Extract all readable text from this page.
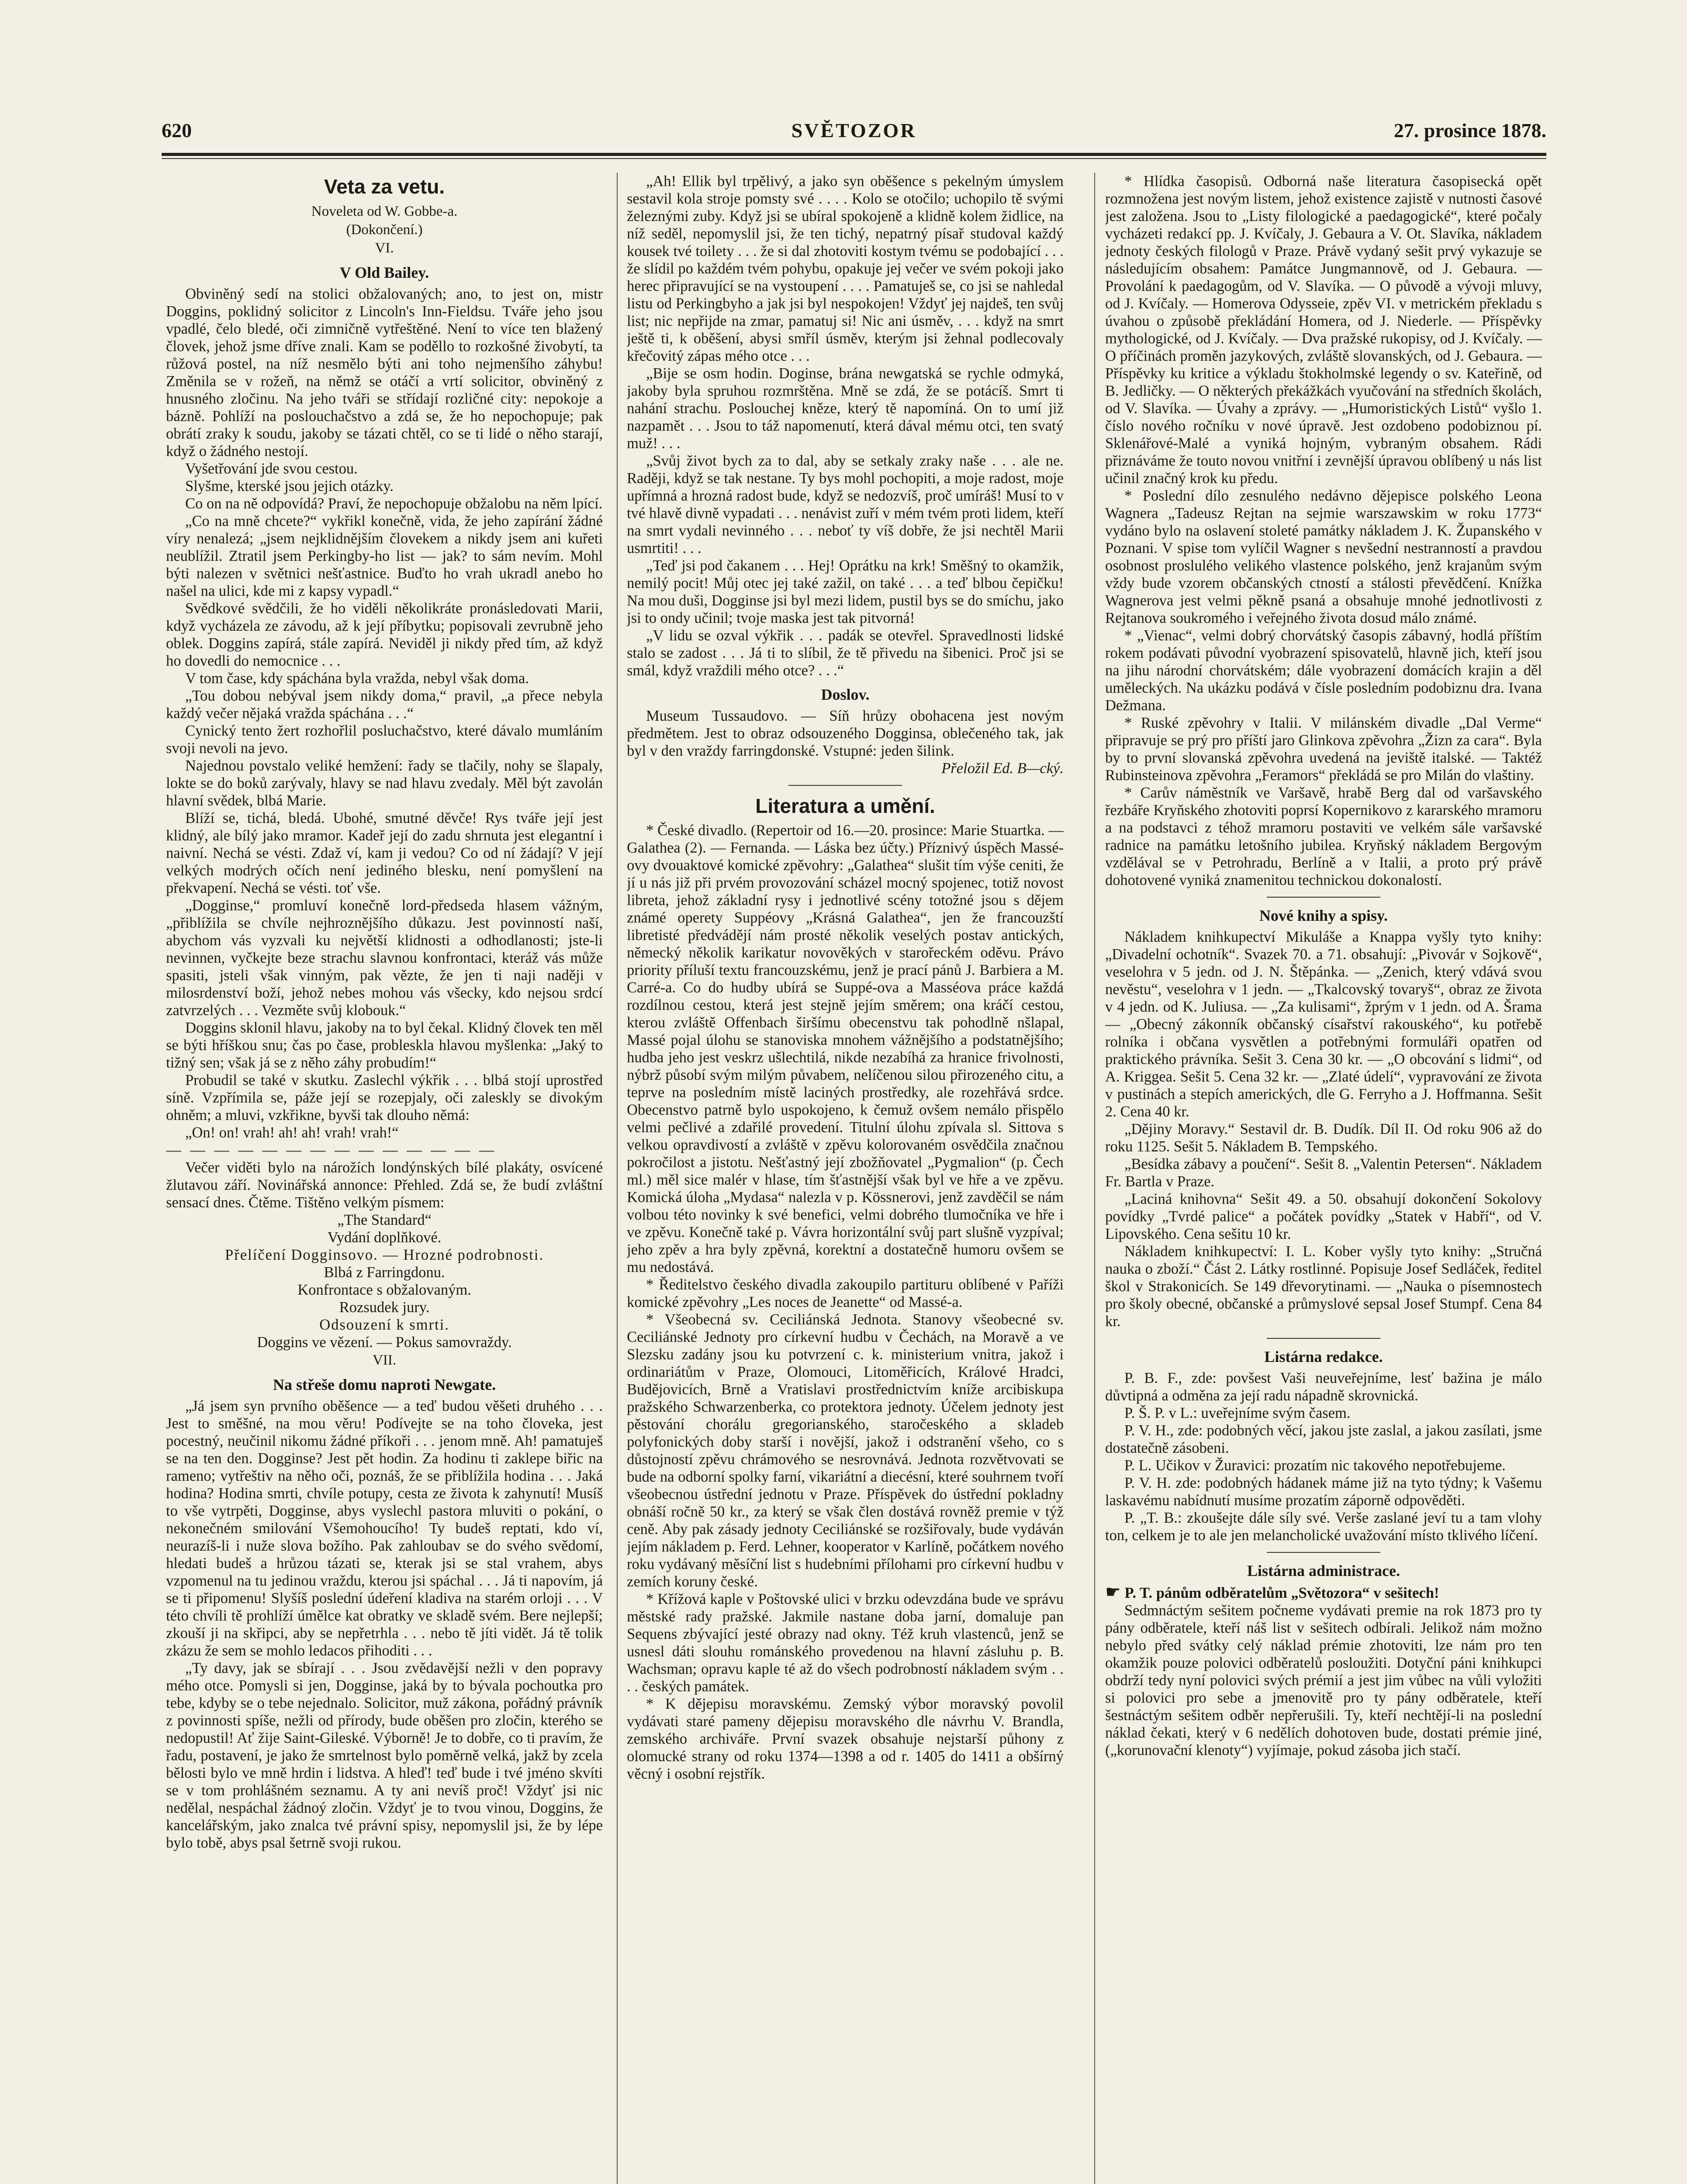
620	SVĚTOZOR	27. prosince 1878.
Veta za vetu.
Noveleta od W. Gobbe-a.
(Dokončení.)
VI.
V Old Bailey.

Obviněný sedí na stolici obžalovaných; ano, to jest on, mistr Doggins, poklidný solicitor z Lincoln's Inn-Fieldsu. Tváře jeho jsou vpadlé, čelo bledé, oči zimničně vytřeštěné. Není to více ten blažený človek, jehož jsme dříve znali. Kam se poděllo to rozkošné živobytí, ta růžová postel, na níž nesmělo býti ani toho nejmenšího záhybu! Změnila se v rožeň, na němž se otáčí a vrtí solicitor, obviněný z hnusného zločinu. Na jeho tváři se střídají rozličné city: nepokoje a bázně. Pohlíží na poslouchačstvo a zdá se, že ho nepochopuje; pak obrátí zraky k soudu, jakoby se tázati chtěl, co se ti lidé o něho starají, když o žádného nestojí.

Vyšetřování jde svou cestou.

Slyšme, kterské jsou jejich otázky.

Co on na ně odpovídá? Praví, že nepochopuje obžalobu na něm lpící.

„Co na mně chcete?“ vykřikl konečně, vida, že jeho zapírání žádné víry nenalezá; „jsem nejklidnějším človekem a nikdy jsem ani kuřeti neublížil. Ztratil jsem Perkingby-ho list — jak? to sám nevím. Mohl býti nalezen v světnici nešťastnice. Buďto ho vrah ukradl anebo ho našel na ulici, kde mi z kapsy vypadl.“

Svědkové svědčili, že ho viděli několikráte pronásledovati Marii, když vycházela ze závodu, až k její příbytku; popisovali zevrubně jeho oblek. Doggins zapírá, stále zapírá. Neviděl ji nikdy před tím, až když ho dovedli do nemocnice . . .

V tom čase, kdy spáchána byla vražda, nebyl však doma.

„Tou dobou nebýval jsem nikdy doma,“ pravil, „a přece nebyla každý večer nějaká vražda spáchána . . .“

Cynický tento žert rozhořlil posluchačstvo, které dávalo mumláním svoji nevoli na jevo.

Najednou povstalo veliké hemžení: řady se tlačily, nohy se šlapaly, lokte se do boků zarývaly, hlavy se nad hlavu zvedaly. Měl být zavolán hlavní svědek, blbá Marie.

Blíží se, tichá, bledá. Ubohé, smutné děvče! Rys tváře její jest klidný, ale bílý jako mramor. Kadeř její do zadu shrnuta jest elegantní i naivní. Nechá se vésti. Zdaž ví, kam ji vedou? Co od ní žádají? V její velkých modrých očích není jediného blesku, není pomyšlení na překvapení. Nechá se vésti. toť vše.

„Dogginse,“ promluví konečně lord-předseda hlasem vážným, „přiblížila se chvíle nejhroznějšího důkazu. Jest povinností naší, abychom vás vyzvali ku největší klidnosti a odhodlanosti; jste-li nevinnen, vyčkejte beze strachu slavnou konfrontaci, kteráž vás může spasiti, jsteli však vinným, pak vězte, že jen ti naji naději v milosrdenství boží, jehož nebes mohou vás všecky, kdo nejsou srdcí zatvrzelých . . . Vezměte svůj klobouk.“

Doggins sklonil hlavu, jakoby na to byl čekal. Klidný človek ten měl se býti hříškou snu; čas po čase, probleskla hlavou myšlenka: „Jaký to tižný sen; však já se z něho záhy probudím!“

Probudil se také v skutku. Zaslechl výkřik . . . blbá stojí uprostřed síně. Vzpřímila se, páže její se rozepjaly, oči zaleskly se divokým ohněm; a mluvi, vzkřikne, byvši tak dlouho němá:

„On! on! vrah! ah! ah! vrah! vrah!“

— — — — — — — — — — — — — —

Večer viděti bylo na nárožích londýnských bílé plakáty, osvícené žlutavou září. Novinářská annonce: Přehled. Zdá se, že budí zvláštní sensací dnes. Čtěme. Tištěno velkým písmem:

„The Standard“

Vydání doplňkové.

Přelíčení Dogginsovo. — Hrozné podrobnosti.

Blbá z Farringdonu.

Konfrontace s obžalovaným.

Rozsudek jury.

Odsouzení k smrti.

Doggins ve vězení. — Pokus samovraždy.

VII.
Na střeše domu naproti Newgate.

„Já jsem syn prvního oběšence — a teď budou věšeti druhého . . . Jest to směšné, na mou věru! Podívejte se na toho človeka, jest pocestný, neučinil nikomu žádné příkoři . . . jenom mně. Ah! pamatuješ se na ten den. Dogginse? Jest pět hodin. Za hodinu ti zaklepe biřic na rameno; vytřeštiv na něho oči, poznáš, že se přiblížila hodina . . . Jaká hodina? Hodina smrti, chvíle potupy, cesta ze života k zahynutí! Musíš to vše vytrpěti, Dogginse, abys vyslechl pastora mluviti o pokání, o nekonečném smilování Všemohoucího! Ty budeš reptati, kdo ví, neurazíš-li i nuže slova božího. Pak zahloubav se do svého svědomí, hledati budeš a hrůzou tázati se, kterak jsi se stal vrahem, abys vzpomenul na tu jedinou vraždu, kterou jsi spáchal . . . Já ti napovím, já se ti připomenu! Slyšíš poslední údeření kladiva na starém orloji . . . V této chvíli tě prohlíží úmělce kat obratky ve skladě svém. Bere nejlepší; zkouší ji na skřipci, aby se nepřetrhla . . . nebo tě jíti vidět. Já tě tolik zkázu že sem se mohlo ledacos přihoditi . . .

„Ty davy, jak se sbírají . . . Jsou zvědavější nežli v den popravy mého otce. Pomysli si jen, Dogginse, jaká by to bývala pochoutka pro tebe, kdyby se o tebe nejednalo. Solicitor, muž zákona, pořádný právník z povinnosti spíše, nežli od přírody, bude oběšen pro zločin, kterého se nedopustil! Ať žije Saint-Gileské. Výborně! Je to dobře, co ti pravím, že řadu, postavení, je jako že smrtelnost bylo poměrně velká, jakž by zcela bělosti bylo ve mně hrdin i lidstva. A hleď! teď bude i tvé jméno skvíti se v tom prohlášném seznamu. A ty ani nevíš proč! Vždyť jsi nic nedělal, nespáchal žádnoý zločin. Vždyť je to tvou vinou, Doggins, že kancelářským, jako znalca tvé právní spisy, nepomyslil jsi, že by lépe bylo tobě, abys psal šetrně svoji rukou.

„Ah! Ellik byl trpělivý, a jako syn oběšence s pekelným úmyslem sestavil kola stroje pomsty své . . . . Kolo se otočilo; uchopilo tě svými železnými zuby. Když jsi se ubíral spokojeně a klidně kolem židlice, na níž seděl, nepomyslil jsi, že ten tichý, nepatrný písař studoval každý kousek tvé toilety . . . že si dal zhotoviti kostym tvému se podobající . . . že slídil po každém tvém pohybu, opakuje jej večer ve svém pokoji jako herec připravující se na vystoupení . . . . Pamatuješ se, co jsi se nahledal listu od Perkingbyho a jak jsi byl nespokojen! Vždyť jej najdeš, ten svůj list; nic nepřijde na zmar, pamatuj si! Nic ani úsměv, . . . když na smrt ještě ti, k oběšení, abysi smříl úsměv, kterým jsi žehnal podlecovaly křečovitý zápas mého otce . . .

„Bije se osm hodin. Doginse, brána newgatská se rychle odmyká, jakoby byla spruhou rozmrštěna. Mně se zdá, že se potácíš. Smrt ti nahání strachu. Poslouchej kněze, který tě napomíná. On to umí již nazpamět . . . Jsou to táž napomenutí, která dával mému otci, ten svatý muž! . . .

„Svůj život bych za to dal, aby se setkaly zraky naše . . . ale ne. Raději, když se tak nestane. Ty bys mohl pochopiti, a moje radost, moje upřímná a hrozná radost bude, když se nedozvíš, proč umíráš! Musí to v tvé hlavě divně vypadati . . . nenávist zuří v mém tvém proti lidem, kteří na smrt vydali nevinného . . . neboť ty víš dobře, že jsi nechtěl Marii usmrtiti! . . .

„Teď jsi pod čakanem . . . Hej! Oprátku na krk! Směšný to okamžik, nemilý pocit! Můj otec jej také zažil, on také . . . a teď blbou čepičku! Na mou duši, Dogginse jsi byl mezi lidem, pustil bys se do smíchu, jako jsi to ondy učinil; tvoje maska jest tak pitvorná!

„V lidu se ozval výkřik . . . padák se otevřel. Spravedlnosti lidské stalo se zadost . . . Já ti to slíbil, že tě přivedu na šibenici. Proč jsi se smál, když vraždili mého otce? . . .“

Doslov.

Museum Tussaudovo. — Síň hrůzy obohacena jest novým předmětem. Jest to obraz odsouzeného Dogginsa, oblečeného tak, jak byl v den vraždy farringdonské. Vstupné: jeden šilink.

Přeložil Ed. B—cký.

Literatura a umění.

* České divadlo. (Repertoir od 16.—20. prosince: Marie Stuartka. — Galathea (2). — Fernanda. — Láska bez účty.) Příznivý úspěch Massé-ovy dvouaktové komické zpěvohry: „Galathea“ slušit tím výše ceniti, že jí u nás již při prvém provozování scházel mocný spojenec, totiž novost libreta, jehož základní rysy i jednotlivé scény totožné jsou s dějem známé operety Suppéovy „Krásná Galathea“, jen že francouzští libretisté předvádějí nám prosté několik veselých postav antických, německý několik karikatur novověkých v starořeckém oděvu. Právo priority příluší textu francouzskému, jenž je prací pánů J. Barbiera a M. Carré-a. Co do hudby ubírá se Suppé-ova a Masséova práce každá rozdílnou cestou, která jest stejně jejím směrem; ona kráčí cestou, kterou zvláště Offenbach širšímu obecenstvu tak pohodlně nšlapal, Massé pojal úlohu se stanoviska mnohem vážnějšího a podstatnějšího; hudba jeho jest veskrz ušlechtilá, nikde nezabíhá za hranice frivolnosti, nýbrž působí svým milým půvabem, nelíčenou silou přirozeného citu, a teprve na posledním místě laciných prostředky, ale rozehřává srdce. Obecenstvo patrně bylo uspokojeno, k čemuž ovšem nemálo přispělo velmi pečlivé a zdařilé provedení. Titulní úlohu zpívala sl. Sittova s velkou opravdivostí a zvláště v zpěvu kolorovaném osvědčila značnou pokročilost a jistotu. Nešťastný její zbožňovatel „Pygmalion“ (p. Čech ml.) měl sice malér v hlase, tím šťastnější však byl ve hře a ve zpěvu. Komická úloha „Mydasa“ nalezla v p. Kössnerovi, jenž zavděčil se nám volbou této novinky k své benefici, velmi dobrého tlumočníka ve hře i ve zpěvu. Konečně také p. Vávra horizontální svůj part slušně vyzpíval; jeho zpěv a hra byly zpěvná, korektní a dostatečně humoru ovšem se mu nedostává.

* Ředitelstvo českého divadla zakoupilo partituru oblíbené v Paříži komické zpěvohry „Les noces de Jeanette“ od Massé-a.

* Všeobecná sv. Ceciliánská Jednota. Stanovy všeobecné sv. Ceciliánské Jednoty pro církevní hudbu v Čechách, na Moravě a ve Slezsku zadány jsou ku potvrzení c. k. ministerium vnitra, jakož i ordinariátům v Praze, Olomouci, Litoměřicích, Králové Hradci, Budějovicích, Brně a Vratislavi prostřednictvím kníže arcibiskupa pražského Schwarzenberka, co protektora jednoty. Účelem jednoty jest pěstování chorálu gregorianského, staročeského a skladeb polyfonických doby starší i novější, jakož i odstranění všeho, co s důstojností zpěvu chrámového se nesrovnává. Jednota rozvětvovati se bude na odborní spolky farní, vikariátní a diecésní, které souhrnem tvoří všeobecnou ústřední jednotu v Praze. Příspěvek do ústřední pokladny obnáší ročně 50 kr., za který se však člen dostává rovněž premie v týž ceně. Aby pak zásady jednoty Ceciliánské se rozšiřovaly, bude vydáván jejím nákladem p. Ferd. Lehner, kooperator v Karlíně, počátkem nového roku vydávaný měsíční list s hudebními přílohami pro církevní hudbu v zemích koruny české.

* Křížová kaple v Poštovské ulici v brzku odevzdána bude ve správu městské rady pražské. Jakmile nastane doba jarní, domaluje pan Sequens zbývající jesté obrazy nad okny. Též kruh vlastenců, jenž se usnesl dáti slouhu románského provedenou na hlavní zásluhu p. B. Wachsman; opravu kaple té až do všech podrobností nákladem svým . . . . českých památek.

* K dějepisu moravskému. Zemský výbor moravský povolil vydávati staré pameny dějepisu moravského dle návrhu V. Brandla, zemského archiváře. První svazek obsahuje nejstarší půhony z olomucké strany od roku 1374—1398 a od r. 1405 do 1411 a obšírný věcný i osobní rejstřík.

* Hlídka časopisů. Odborná naše literatura časopisecká opět rozmnožena jest novým listem, jehož existence zajistě v nutnosti časové jest založena. Jsou to „Listy filologické a paedagogické“, které počaly vycházeti redakcí pp. J. Kvíčaly, J. Gebaura a V. Ot. Slavíka, nákladem jednoty českých filologů v Praze. Právě vydaný sešit prvý vykazuje se následujícím obsahem: Památce Jungmannově, od J. Gebaura. — Provolání k paedagogům, od V. Slavíka. — O původě a vývoji mluvy, od J. Kvíčaly. — Homerova Odysseie, zpěv VI. v metrickém překladu s úvahou o způsobě překládání Homera, od J. Niederle. — Příspěvky mythologické, od J. Kvíčaly. — Dva pražské rukopisy, od J. Kvíčaly. — O příčinách proměn jazykových, zvláště slovanských, od J. Gebaura. — Příspěvky ku kritice a výkladu štokholmské legendy o sv. Kateřině, od B. Jedličky. — O některých překážkách vyučování na středních školách, od V. Slavíka. — Úvahy a zprávy. — „Humoristických Listů“ vyšlo 1. číslo nového ročníku v nové úpravě. Jest ozdobeno podobiznou pí. Sklenářové-Malé a vyniká hojným, vybraným obsahem. Rádi přiznáváme že touto novou vnitřní i zevnější úpravou oblíbený u nás list učinil značný krok ku předu.

* Poslední dílo zesnulého nedávno dějepisce polského Leona Wagnera „Tadeusz Rejtan na sejmie warszawskim w roku 1773“ vydáno bylo na oslavení stoleté památky nákladem J. K. Županského v Poznani. V spise tom vylíčil Wagner s nevšední nestranností a pravdou osobnost proslulého velikého vlastence polského, jenž krajanům svým vždy bude vzorem občanských ctností a stálosti převědčení. Knížka Wagnerova jest velmi pěkně psaná a obsahuje mnohé jednotlivosti z Rejtanova soukromého i veřejného života dosud málo známé.

* „Vienac“, velmi dobrý chorvátský časopis zábavný, hodlá příštím rokem podávati původní vyobrazení spisovatelů, hlavně jich, kteří jsou na jihu národní chorvátském; dále vyobrazení domácích krajin a děl uměleckých. Na ukázku podává v čísle posledním podobiznu dra. Ivana Dežmana.

* Ruské zpěvohry v Italii. V milánském divadle „Dal Verme“ připravuje se prý pro příští jaro Glinkova zpěvohra „Žizn za cara“. Byla by to první slovanská zpěvohra uvedená na jeviště italské. — Taktéž Rubinsteinova zpěvohra „Feramors“ překládá se pro Milán do vlaštiny.

* Carův náměstník ve Varšavě, hrabě Berg dal od varšavského řezbáře Kryňského zhotoviti poprsí Kopernikovo z kararského mramoru a na podstavci z téhož mramoru postaviti ve velkém sále varšavské radnice na památku letošního jubilea. Kryňský nákladem Bergovým vzdělával se v Petrohradu, Berlíně a v Italii, a proto prý právě dohotovené vyniká znamenitou technickou dokonalostí.

Nové knihy a spisy.

Nákladem knihkupectví Mikuláše a Knappa vyšly tyto knihy: „Divadelní ochotník“. Svazek 70. a 71. obsahují: „Pivovár v Sojkově“, veselohra v 5 jedn. od J. N. Štěpánka. — „Zenich, který vdává svou nevěstu“, veselohra v 1 jedn. — „Tkalcovský tovaryš“, obraz ze života v 4 jedn. od K. Juliusa. — „Za kulisami“, žprým v 1 jedn. od A. Šrama — „Obecný zákonník občanský císařství rakouského“, ku potřebě rolníka i občana vysvětlen a potřebnými formuláři opatřen od praktického právníka. Sešit 3. Cena 30 kr. — „O obcování s lidmi“, od A. Kriggea. Sešit 5. Cena 32 kr. — „Zlaté údelí“, vypravování ze života v pustinách a stepích amerických, dle G. Ferryho a J. Hoffmanna. Sešit 2. Cena 40 kr.

„Dějiny Moravy.“ Sestavil dr. B. Dudík. Díl II. Od roku 906 až do roku 1125. Sešit 5. Nákladem B. Tempského.

„Besídka zábavy a poučení“. Sešit 8. „Valentin Petersen“. Nákladem Fr. Bartla v Praze.

„Laciná knihovna“ Sešit 49. a 50. obsahují dokončení Sokolovy povídky „Tvrdé palice“ a počátek povídky „Statek v Habří“, od V. Lipovského. Cena sešitu 10 kr.

Nákladem knihkupectví: I. L. Kober vyšly tyto knihy: „Stručná nauka o zboží.“ Část 2. Látky rostlinné. Popisuje Josef Sedláček, ředitel škol v Strakonicích. Se 149 dřevorytinami. — „Nauka o písemnostech pro školy obecné, občanské a průmyslové sepsal Josef Stumpf. Cena 84 kr.

Listárna redakce.

P. B. F., zde: povšest Vaši neuveřejníme, lesť bažina je málo důvtipná a odměna za její radu nápadně skrovnická.

P. Š. P. v L.: uveřejníme svým časem.

P. V. H., zde: podobných věcí, jakou jste zaslal, a jakou zasílati, jsme dostatečně zásobeni.

P. L. Učikov v Žuravici: prozatím nic takového nepotřebujeme.

P. V. H. zde: podobných hádanek máme již na tyto týdny; k Vašemu laskavému nabídnutí musíme prozatím záporně odpověděti.

P. „T. B.: zkoušejte dále síly své. Verše zaslané jeví tu a tam vlohy ton, celkem je to ale jen melancholické uvažování místo tklivého líčení.

Listárna administrace.

☛ P. T. pánům odběratelům „Světozora“ v sešitech!

Sedmnáctým sešitem počneme vydávati premie na rok 1873 pro ty pány odběratele, kteří náš list v sešitech odbírali. Jelikož nám možno nebylo před svátky celý náklad prémie zhotoviti, lze nám pro ten okamžik pouze polovici odběratelů posloužiti. Dotyční páni knihkupci obdrží tedy nyní polovici svých prémií a jest jim vůbec na vůli vyložiti si polovici pro sebe a jmenovitě pro ty pány odběratele, kteří šestnáctým sešitem odběr nepřerušili. Ty, kteří nechtějí-li na poslední náklad čekati, který v 6 nedělích dohotoven bude, dostati prémie jiné, („korunovační klenoty“) vyjímaje, pokud zásoba jich stačí.
